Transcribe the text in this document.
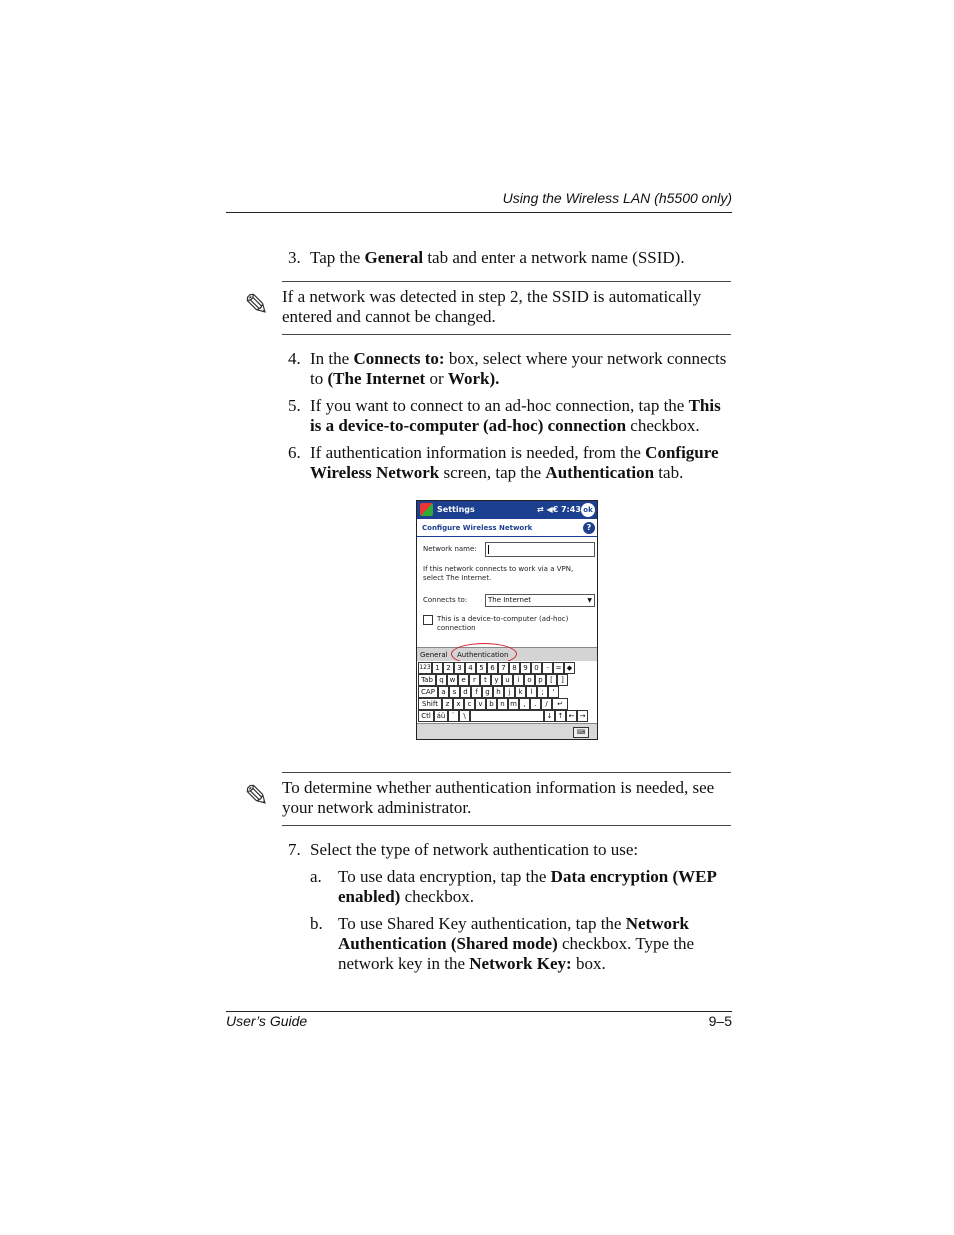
Using the Wireless LAN (h5500 only)
3. Tap the General tab and enter a network name (SSID).
✎ If a network was detected in step 2, the SSID is automatically entered and cannot be changed.
4. In the Connects to: box, select where your network connects to (The Internet or Work).
5. If you want to connect to an ad-hoc connection, tap the This is a device-to-computer (ad-hoc) connection checkbox.
6. If authentication information is needed, from the Configure Wireless Network screen, tap the Authentication tab.
Settings	⇄ ◀€ 7:43 ok
Configure Wireless Network	?
Network name:
If this network connects to work via a VPN, select The Internet.
Connects to:	The Internet	▼
This is a device-to-computer (ad-hoc) connection
General Authentication
123 1 2 3 4 5 6 7 8 9 0	- = ◆
Tab q w e	r	t	y u	i	o p	[	]
CAP a	s d	f	g h	j	k	l	;	'
Shift	z	x c	v b n m ,	.	/	↵
Ctl áü `	\	↓ ↑ ← →
⌨
✎ To determine whether authentication information is needed, see your network administrator.
7. Select the type of network authentication to use:
a. To use data encryption, tap the Data encryption (WEP enabled) checkbox.
b. To use Shared Key authentication, tap the Network Authentication (Shared mode) checkbox. Type the network key in the Network Key: box.
User’s Guide	9–5
